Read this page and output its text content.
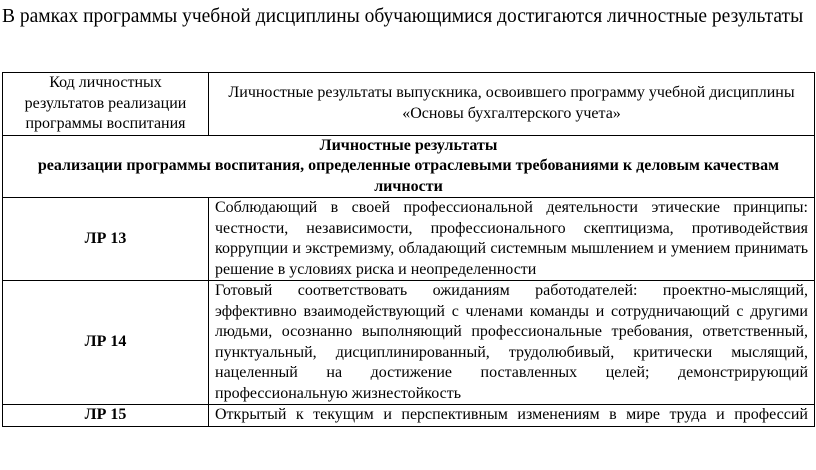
В рамках программы учебной дисциплины обучающимися достигаются личностные результаты

Код личностных результатов реализации программы воспитания	Личностные результаты выпускника, освоившего программу учебной дисциплины «Основы бухгалтерского учета»

Личностные результаты
реализации программы воспитания, определенные отраслевыми требованиями к деловым качествам личности	

ЛР 13	Соблюдающий в своей профессиональной деятельности этические принципы: честности, независимости, профессионального скептицизма, противодействия коррупции и экстремизму, обладающий системным мышлением и умением принимать решение в условиях риска и неопределенности
ЛР 14	Готовый соответствовать ожиданиям работодателей: проектно-мыслящий, эффективно взаимодействующий с членами команды и сотрудничающий с другими людьми, осознанно выполняющий профессиональные требования, ответственный, пунктуальный, дисциплинированный, трудолюбивый, критически мыслящий, нацеленный на достижение поставленных целей; демонстрирующий профессиональную жизнестойкость
ЛР 15	Открытый к текущим и перспективным изменениям в мире труда и профессий
